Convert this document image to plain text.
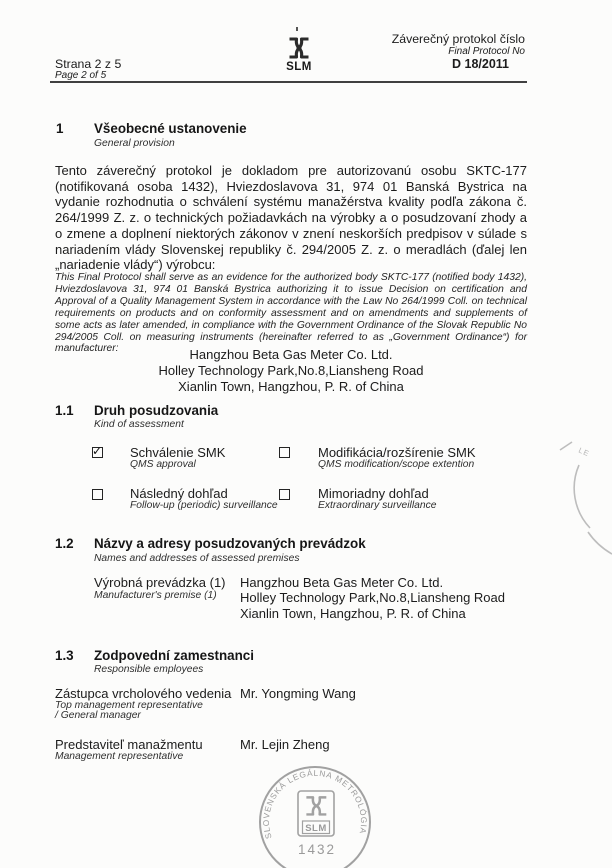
Strana 2 z 5
Page 2 of 5
SLM
Záverečný protokol číslo
Final Protocol No
D 18/2011
1 Všeobecné ustanovenie
General provision
Tento záverečný protokol je dokladom pre autorizovanú osobu SKTC-177 (notifikovaná osoba 1432), Hviezdoslavova 31, 974 01 Banská Bystrica na vydanie rozhodnutia o schválení systému manažérstva kvality podľa zákona č. 264/1999 Z. z. o technických požiadavkách na výrobky a o posudzovaní zhody a o zmene a doplnení niektorých zákonov v znení neskorších predpisov v súlade s nariadením vlády Slovenskej republiky č. 294/2005 Z. z. o meradlách (ďalej len „nariadenie vlády“) výrobcu:
This Final Protocol shall serve as an evidence for the authorized body SKTC-177 (notified body 1432), Hviezdoslavova 31, 974 01 Banská Bystrica authorizing it to issue Decision on certification and Approval of a Quality Management System in accordance with the Law No 264/1999 Coll. on technical requirements on products and on conformity assessment and on amendments and supplements of some acts as later amended, in compliance with the Government Ordinance of the Slovak Republic No 294/2005 Coll. on measuring instruments (hereinafter referred to as „Government Ordinance“) for manufacturer:	Hangzhou Beta Gas Meter Co. Ltd.
Holley Technology Park,No.8,Liansheng Road
Xianlin Town, Hangzhou, P. R. of China
1.1 Druh posudzovania
Kind of assessment
✓
Schválenie SMK
QMS approval
Modifikácia/rozšírenie SMK
QMS modification/scope extention
Následný dohľad
Follow-up (periodic) surveillance
Mimoriadny dohľad
Extraordinary surveillance
1.2 Názvy a adresy posudzovaných prevádzok
Names and addresses of assessed premises
Výrobná prevádzka (1)
Manufacturer's premise (1)
Hangzhou Beta Gas Meter Co. Ltd.
Holley Technology Park,No.8,Liansheng Road
Xianlin Town, Hangzhou, P. R. of China
1.3 Zodpovední zamestnanci
Responsible employees
Zástupca vrcholového vedenia Mr. Yongming Wang
Top management representative
/ General manager
Predstaviteľ manažmentu	Mr. Lejin Zheng
Management representative
SLM
SLOVENSKÁ LEGÁLNA METROLÓGIA
1432
LE
